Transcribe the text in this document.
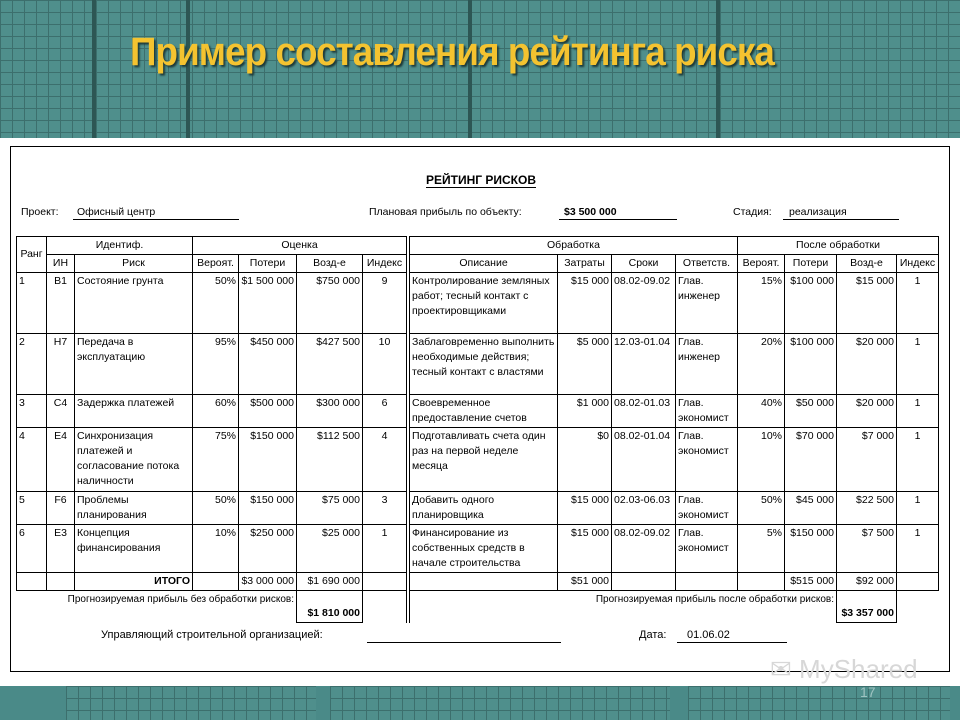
Пример составления рейтинга риска
РЕЙТИНГ РИСКОВ
Проект: Офисный центр	Плановая прибыль по объекту:	$3 500 000	Стадия: реализация
Ранг	Идентиф.		Оценка					Обработка				После обработки			
	ИН	Риск	Вероят.	Потери	Возд-е	Индекс		Описание	Затраты	Сроки	Ответств.	Вероят.	Потери	Возд-е	Индекс
1	B1	Состояние грунта	50%	$1 500 000	$750 000	9		Контролирование земляных работ; тесный контакт с проектировщиками	$15 000	08.02-09.02	Глав. инженер	15%	$100 000	$15 000	1
2	H7	Передача в эксплуатацию	95%	$450 000	$427 500	10		Заблаговременно выполнить необходимые действия; тесный контакт с властями	$5 000	12.03-01.04	Глав. инженер	20%	$100 000	$20 000	1
3	C4	Задержка платежей	60%	$500 000	$300 000	6		Своевременное предоставление счетов	$1 000	08.02-01.03	Глав. экономист	40%	$50 000	$20 000	1
4	E4	Синхронизация платежей и согласование потока наличности	75%	$150 000	$112 500	4		Подготавливать счета один раз на первой неделе месяца	$0	08.02-01.04	Глав. экономист	10%	$70 000	$7 000	1
5	F6	Проблемы планирования	50%	$150 000	$75 000	3		Добавить одного планировщика	$15 000	02.03-06.03	Глав. экономист	50%	$45 000	$22 500	1
6	E3	Концепция финансирования	10%	$250 000	$25 000	1		Финансирование из собственных средств в начале строительства	$15 000	08.02-09.02	Глав. экономист	5%	$150 000	$7 500	1
		ИТОГО		$3 000 000	$1 690 000				$51 000				$515 000	$92 000	
	Прогнозируемая прибыль без обработки рисков:				$1 810 000				Прогнозируемая прибыль после обработки рисков:					$3 357 000	
Управляющий строительной организацией:	Дата: 01.06.02
✉ MyShared
17
